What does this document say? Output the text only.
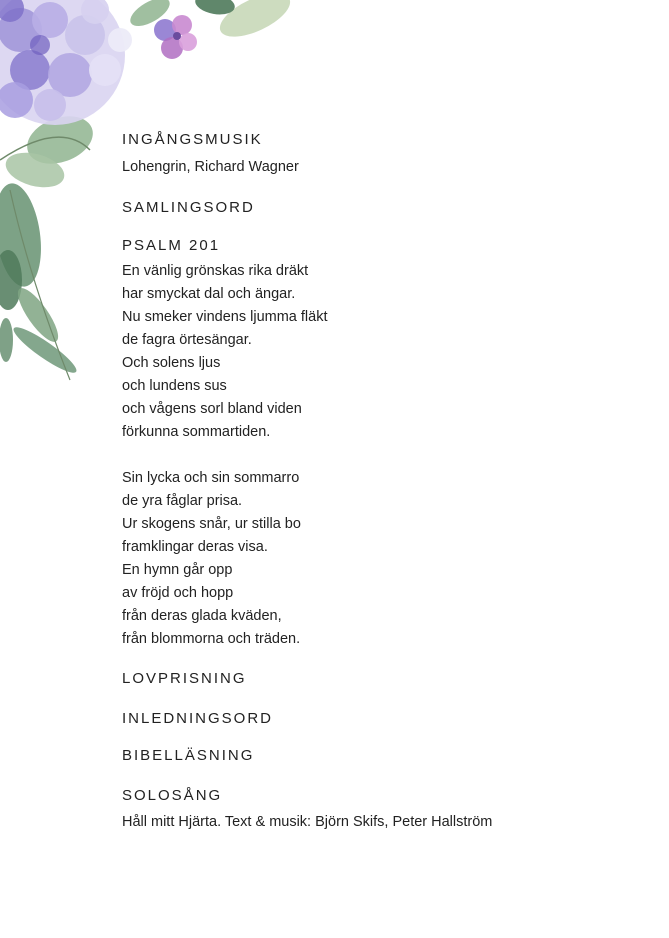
INGÅNGSMUSIK
Lohengrin, Richard Wagner
SAMLINGSORD
PSALM 201
En vänlig grönskas rika dräkt
har smyckat dal och ängar.
Nu smeker vindens ljumma fläkt
de fagra örtesängar.
Och solens ljus
och lundens sus
och vågens sorl bland viden
förkunna sommartiden.
Sin lycka och sin sommarro
de yra fåglar prisa.
Ur skogens snår, ur stilla bo
framklingar deras visa.
En hymn går opp
av fröjd och hopp
från deras glada kväden,
från blommorna och träden.
LOVPRISNING
INLEDNINGSORD
BIBELLÄSNING
SOLOSÅNG
Håll mitt Hjärta. Text & musik: Björn Skifs, Peter Hallström
